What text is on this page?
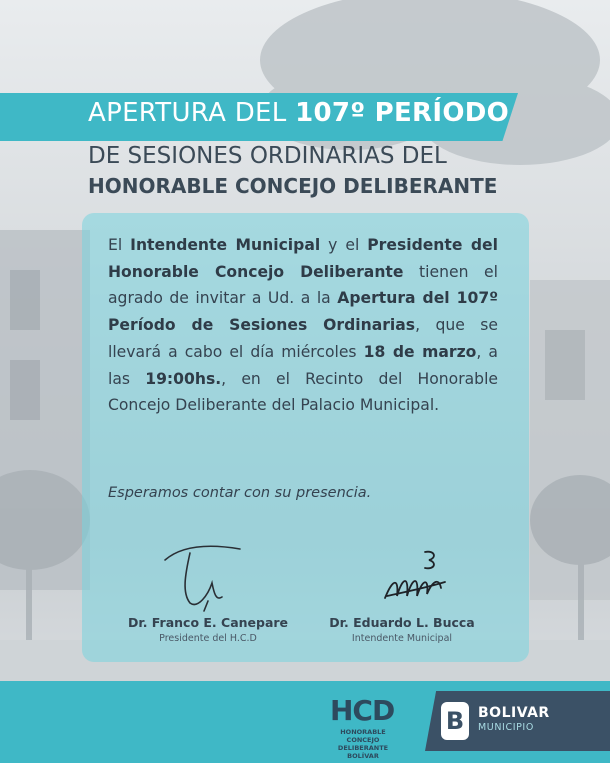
APERTURA DEL 107º PERÍODO
DE SESIONES ORDINARIAS DEL
HONORABLE CONCEJO DELIBERANTE
El Intendente Municipal y el Presidente del Honorable Concejo Deliberante tienen el agrado de invitar a Ud. a la Apertura del 107º Período de Sesiones Ordinarias, que se llevará a cabo el día miércoles 18 de marzo, a las 19:00hs., en el Recinto del Honorable Concejo Deliberante del Palacio Municipal.
Esperamos contar con su presencia.
Dr. Franco E. Canepare
Presidente del H.C.D
Dr. Eduardo L. Bucca
Intendente Municipal
HCD
HONORABLE CONCEJO
DELIBERANTE BOLÍVAR
B BOLIVAR
MUNICIPIO
